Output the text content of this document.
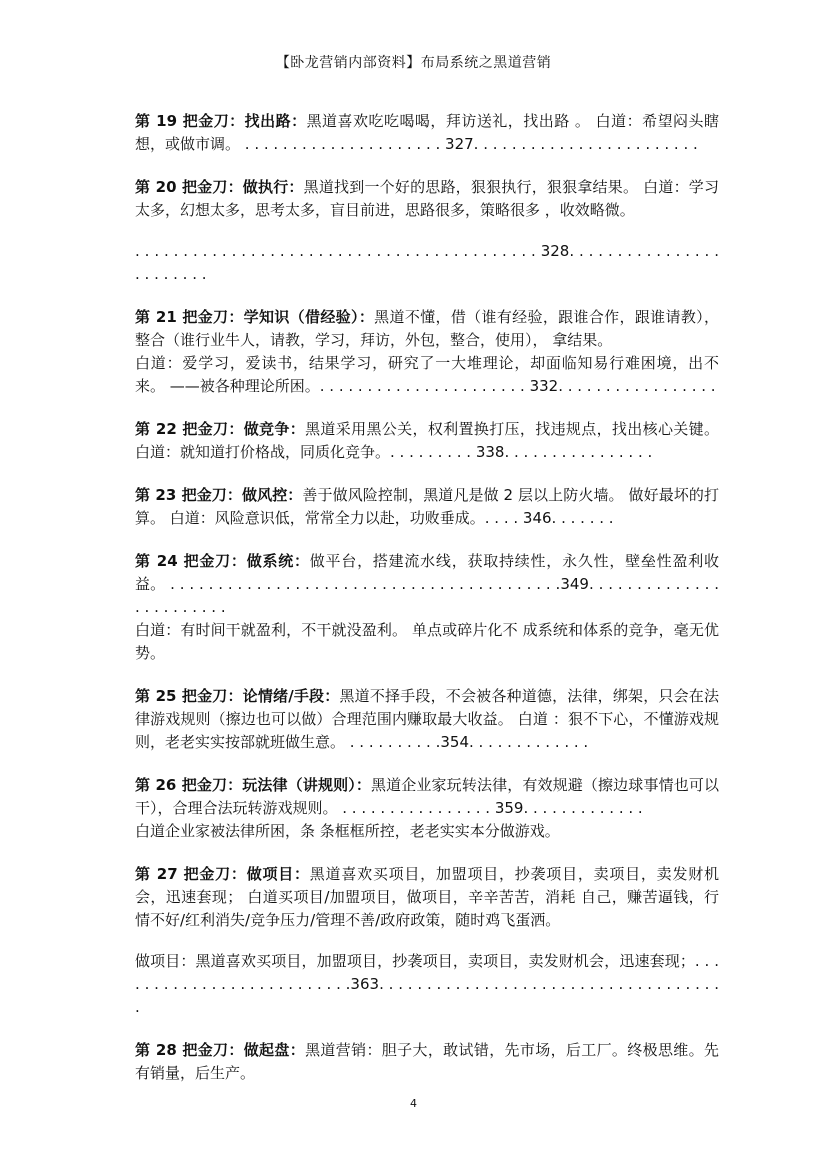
【卧龙营销内部资料】布局系统之黑道营销

第 19 把金刀：找出路：黑道喜欢吃吃喝喝，拜访送礼，找出路 。 白道：希望闷头瞎想，或做市调。 . . . . . . . . . . . . . . . . . . . . . 327. . . . . . . . . . . . . . . . . . . . . . . .

第 20 把金刀：做执行：黑道找到一个好的思路，狠狠执行，狠狠拿结果。 白道：学习太多，幻想太多，思考太多，盲目前进，思路很多，策略很多 ，收效略微。

. . . . . . . . . . . . . . . . . . . . . . . . . . . . . . . . . . . . . . . . . . 328. . . . . . . . . . . . . . . . . . . . . . . .

第 21 把金刀：学知识（借经验）：黑道不懂，借（谁有经验，跟谁合作，跟谁请教），整合（谁行业牛人，请教，学习，拜访，外包，整合，使用）， 拿结果。

白道：爱学习，爱读书，结果学习，研究了一大堆理论，却面临知易行难困境，出不来。 ——被各种理论所困。. . . . . . . . . . . . . . . . . . . . . . 332. . . . . . . . . . . . . . . . .

第 22 把金刀：做竞争：黑道采用黑公关，权利置换打压，找违规点，找出核心关键。 白道：就知道打价格战，同质化竞争。. . . . . . . . . 338. . . . . . . . . . . . . . . .

第 23 把金刀：做风控：善于做风险控制，黑道凡是做 2 层以上防火墙。 做好最坏的打算。 白道：风险意识低，常常全力以赴，功败垂成。. . . . 346. . . . . . .

第 24 把金刀：做系统：做平台，搭建流水线，获取持续性，永久性，壁垒性盈利收益。 . . . . . . . . . . . . . . . . . . . . . . . . . . . . . . . . . . . . . . . . .349. . . . . . . . . . . . . . . . . . . . . . . .

白道：有时间干就盈利，不干就没盈利。 单点或碎片化不 成系统和体系的竞争，毫无优势。

第 25 把金刀：论情绪/手段：黑道不择手段，不会被各种道德，法律，绑架，只会在法律游戏规则（擦边也可以做）合理范围内赚取最大收益。 白道 ：狠不下心，不懂游戏规则，老老实实按部就班做生意。 . . . . . . . . . .354. . . . . . . . . . . . .

第 26 把金刀：玩法律（讲规则）：黑道企业家玩转法律，有效规避（擦边球事情也可以干），合理合法玩转游戏规则。 . . . . . . . . . . . . . . . . 359. . . . . . . . . . . . .

白道企业家被法律所困，条 条框框所控，老老实实本分做游戏。

第 27 把金刀：做项目：黑道喜欢买项目，加盟项目，抄袭项目，卖项目，卖发财机会，迅速套现； 白道买项目/加盟项目，做项目，辛辛苦苦，消耗 自己，赚苦逼钱，行情不好/红利消失/竞争压力/管理不善/政府政策，随时鸡飞蛋洒。

做项目：黑道喜欢买项目，加盟项目，抄袭项目，卖项目，卖发财机会，迅速套现；. . . . . . . . . . . . . . . . . . . . . . . . . .363. . . . . . . . . . . . . . . . . . . . . . . . . . . . . . . . . . . . .

第 28 把金刀：做起盘：黑道营销：胆子大，敢试错，先市场，后工厂。终极思维。先有销量，后生产。

4
